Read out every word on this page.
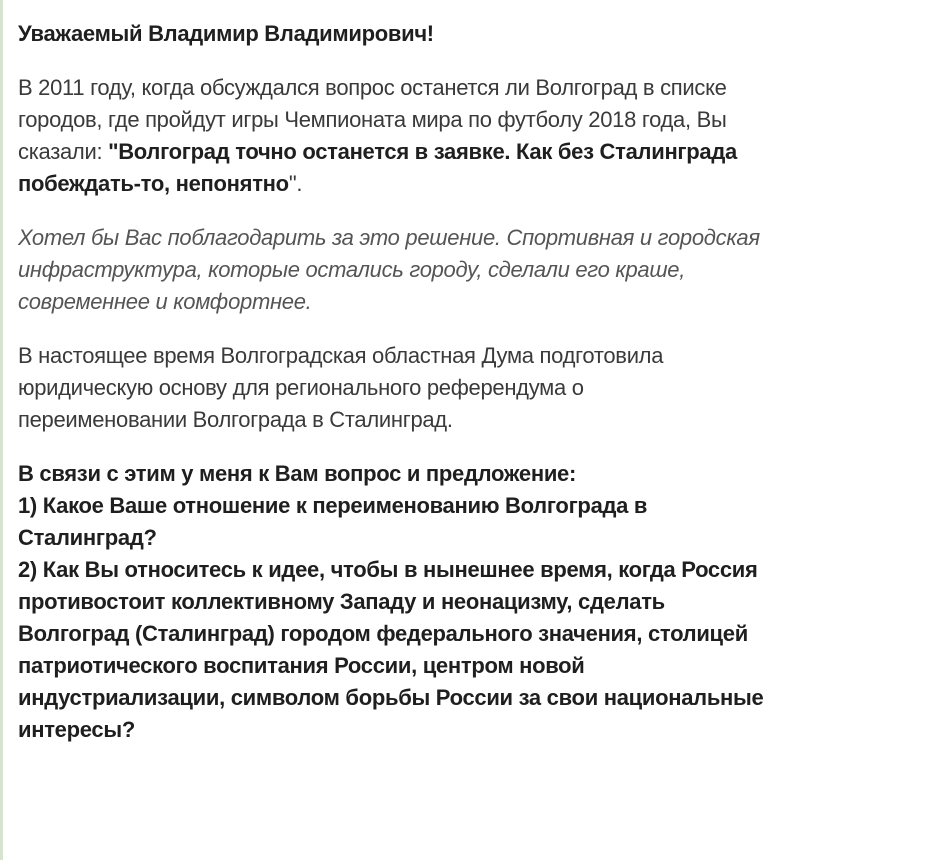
Уважаемый Владимир Владимирович!

В 2011 году, когда обсуждался вопрос останется ли Волгоград в списке
городов, где пройдут игры Чемпионата мира по футболу 2018 года, Вы
сказали: "Волгоград точно останется в заявке. Как без Сталинграда
побеждать-то, непонятно".

Хотел бы Вас поблагодарить за это решение. Спортивная и городская
инфраструктура, которые остались городу, сделали его краше,
современнее и комфортнее.

В настоящее время Волгоградская областная Дума подготовила
юридическую основу для регионального референдума о
переименовании Волгограда в Сталинград.

В связи с этим у меня к Вам вопрос и предложение:
1) Какое Ваше отношение к переименованию Волгограда в
Сталинград?
2) Как Вы относитесь к идее, чтобы в нынешнее время, когда Россия
противостоит коллективному Западу и неонацизму, сделать
Волгоград (Сталинград) городом федерального значения, столицей
патриотического воспитания России, центром новой
индустриализации, символом борьбы России за свои национальные
интересы?
